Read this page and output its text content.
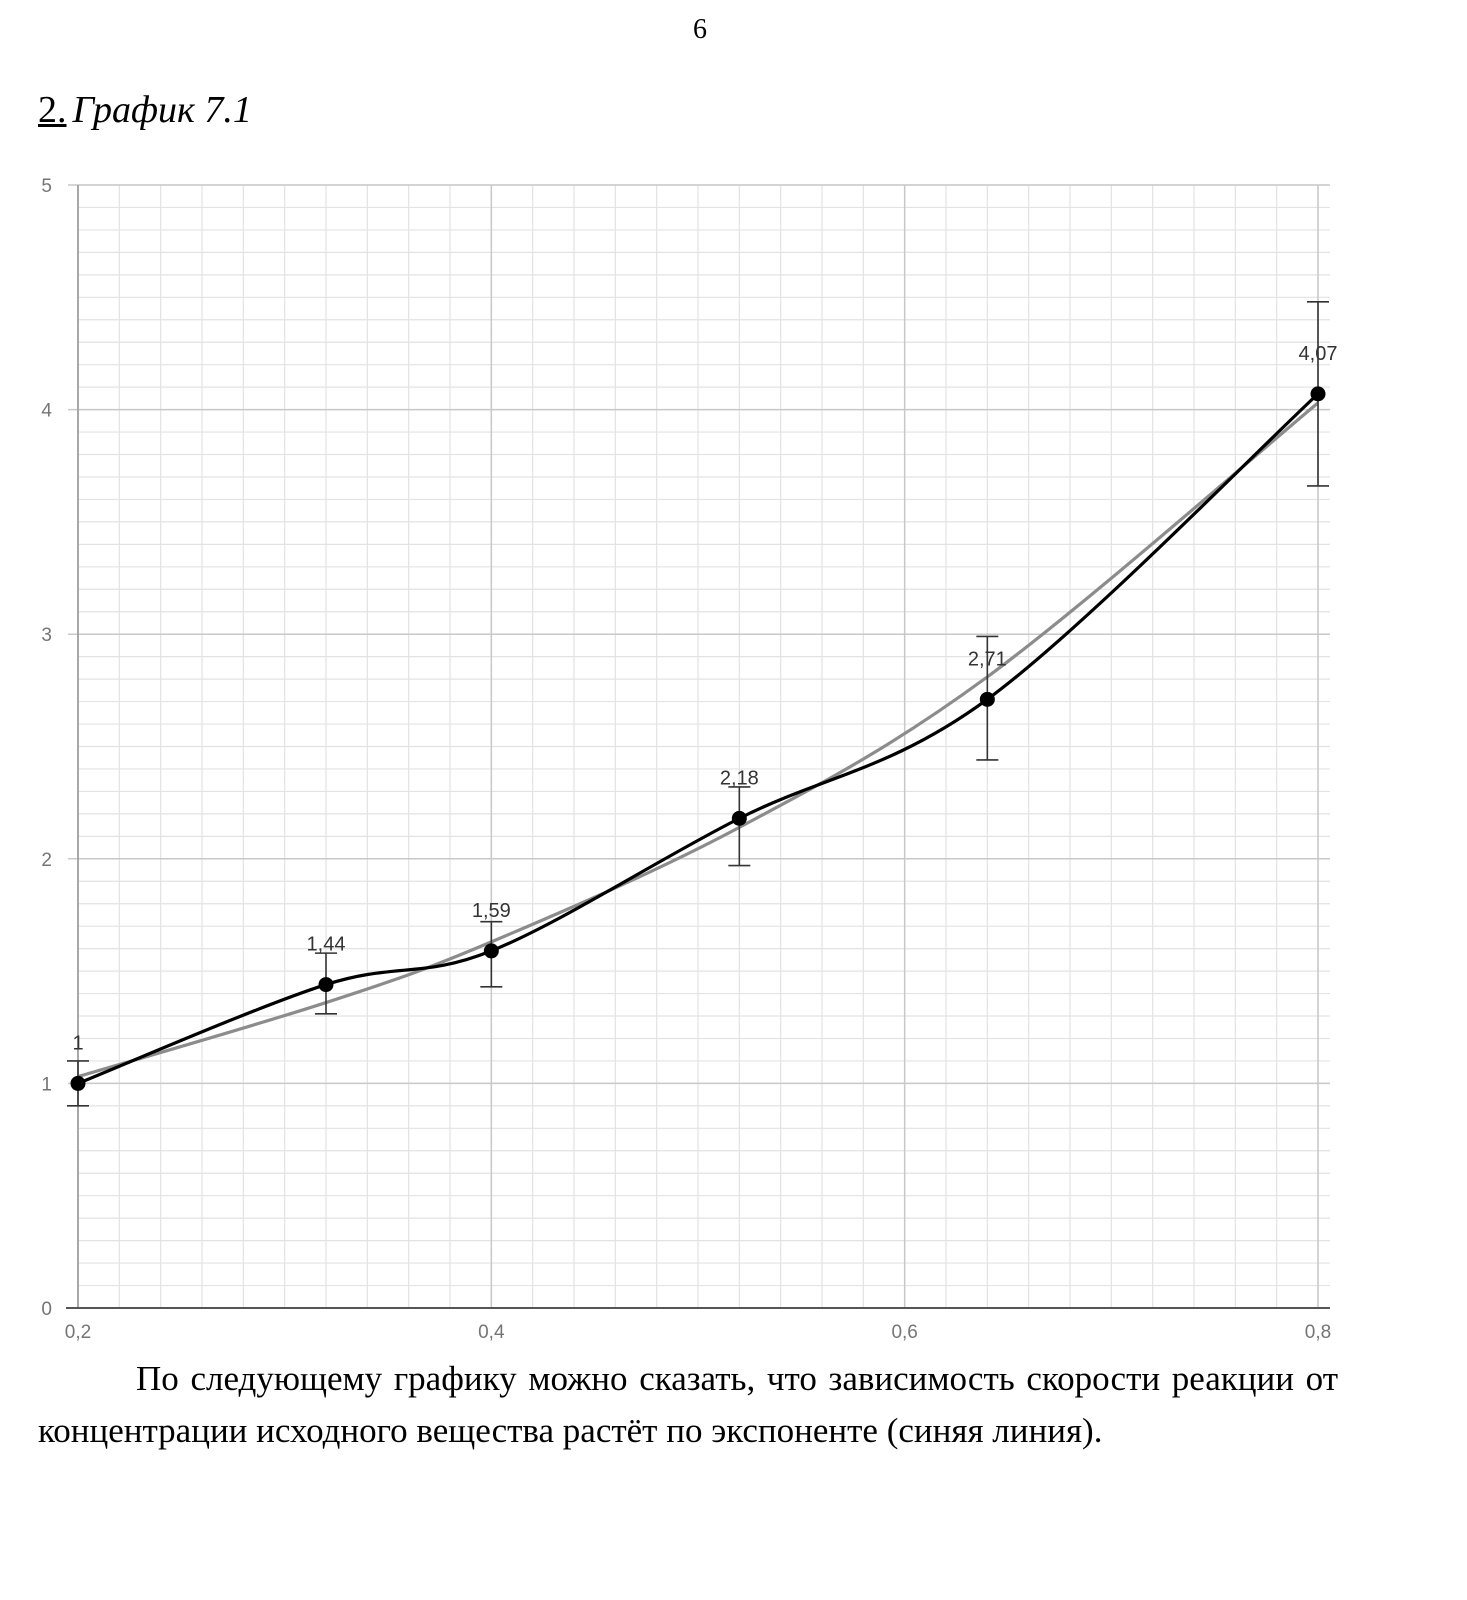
6
2. График 7.1
0,2	0,4	0,6	0,8
0
1
2
3
4
5
1
1,44
1,59
2,18
2,71
4,07
По следующему графику можно сказать, что зависимость скорости реакции от концентрации исходного вещества растёт по экспоненте (синяя линия).
